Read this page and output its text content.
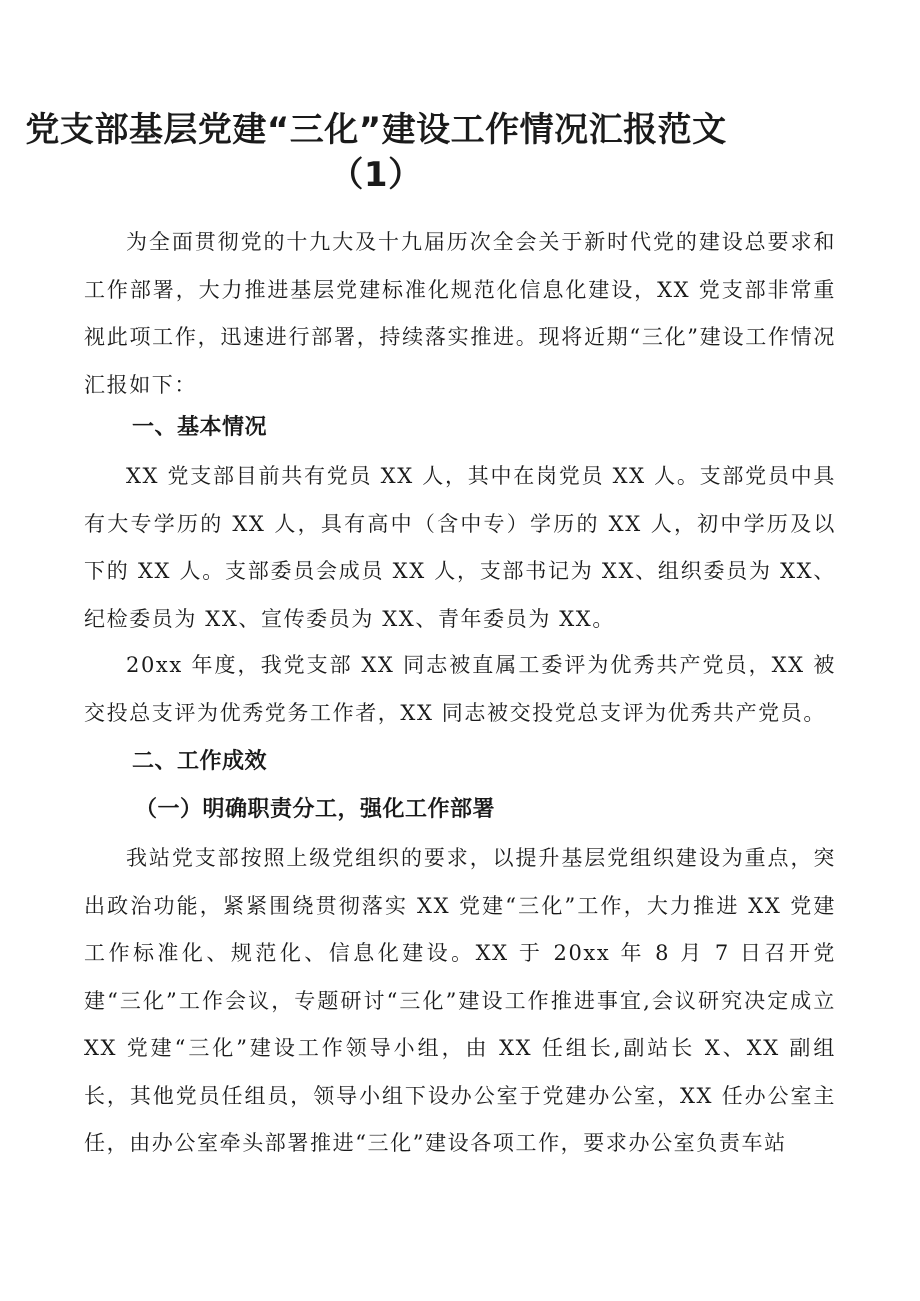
党支部基层党建“三化”建设工作情况汇报范文
（1）

为全面贯彻党的十九大及十九届历次全会关于新时代党的建设总要求和工作部署，大力推进基层党建标准化规范化信息化建设，XX 党支部非常重视此项工作，迅速进行部署，持续落实推进。现将近期“三化”建设工作情况汇报如下：

一、基本情况

XX 党支部目前共有党员 XX 人，其中在岗党员 XX 人。支部党员中具有大专学历的 XX 人，具有高中（含中专）学历的 XX 人，初中学历及以下的 XX 人。支部委员会成员 XX 人，支部书记为 XX、组织委员为 XX、纪检委员为 XX、宣传委员为 XX、青年委员为 XX。

20xx 年度，我党支部 XX 同志被直属工委评为优秀共产党员，XX 被交投总支评为优秀党务工作者，XX 同志被交投党总支评为优秀共产党员。

二、工作成效
（一）明确职责分工，强化工作部署

我站党支部按照上级党组织的要求，以提升基层党组织建设为重点，突出政治功能，紧紧围绕贯彻落实 XX 党建“三化”工作，大力推进 XX 党建工作标准化、规范化、信息化建设。XX 于 20xx 年 8 月 7 日召开党建“三化”工作会议，专题研讨“三化”建设工作推进事宜,会议研究决定成立 XX 党建“三化”建设工作领导小组，由 XX 任组长,副站长 X、XX 副组长，其他党员任组员，领导小组下设办公室于党建办公室，XX 任办公室主任，由办公室牵头部署推进“三化”建设各项工作，要求办公室负责车站
